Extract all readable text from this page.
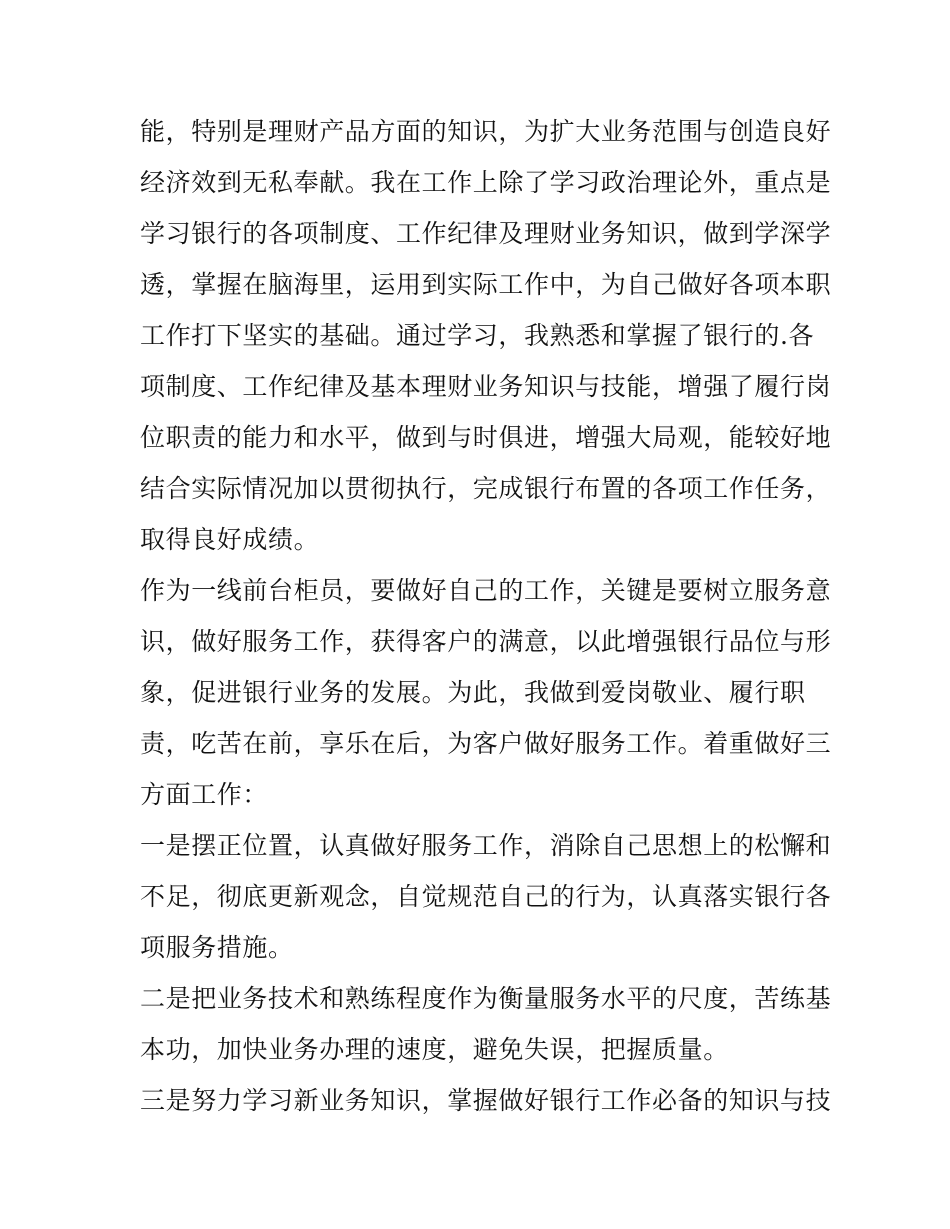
能，特别是理财产品方面的知识，为扩大业务范围与创造良好
经济效到无私奉献。我在工作上除了学习政治理论外，重点是
学习银行的各项制度、工作纪律及理财业务知识，做到学深学
透，掌握在脑海里，运用到实际工作中，为自己做好各项本职
工作打下坚实的基础。通过学习，我熟悉和掌握了银行的.各
项制度、工作纪律及基本理财业务知识与技能，增强了履行岗
位职责的能力和水平，做到与时俱进，增强大局观，能较好地
结合实际情况加以贯彻执行，完成银行布置的各项工作任务，
取得良好成绩。
作为一线前台柜员，要做好自己的工作，关键是要树立服务意
识，做好服务工作，获得客户的满意，以此增强银行品位与形
象，促进银行业务的发展。为此，我做到爱岗敬业、履行职
责，吃苦在前，享乐在后，为客户做好服务工作。着重做好三
方面工作：
一是摆正位置，认真做好服务工作，消除自己思想上的松懈和
不足，彻底更新观念，自觉规范自己的行为，认真落实银行各
项服务措施。
二是把业务技术和熟练程度作为衡量服务水平的尺度，苦练基
本功，加快业务办理的速度，避免失误，把握质量。
三是努力学习新业务知识，掌握做好银行工作必备的知识与技
